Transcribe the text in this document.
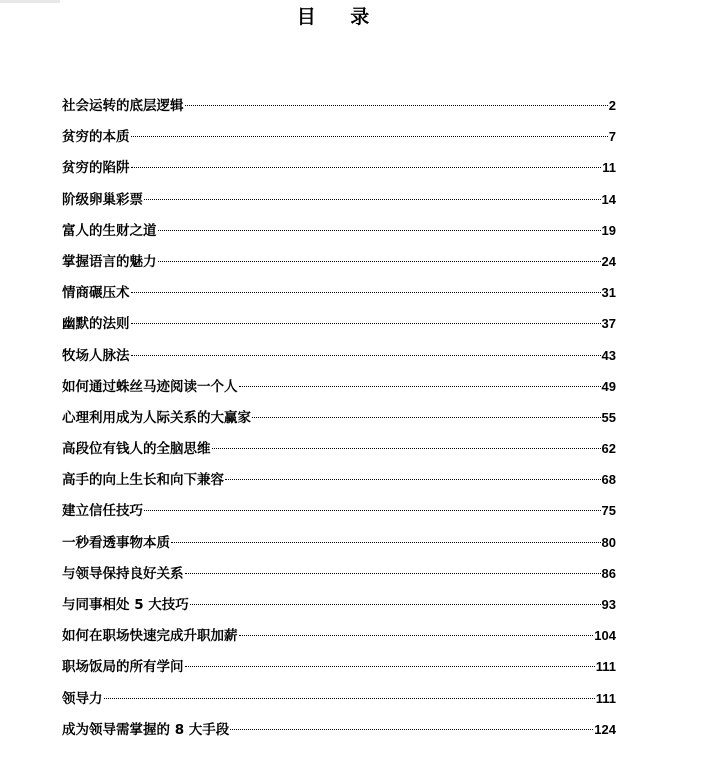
目 录
社会运转的底层逻辑	2
贫穷的本质	7
贫穷的陷阱	11
阶级卵巢彩票	14
富人的生财之道	19
掌握语言的魅力	24
情商碾压术	31
幽默的法则	37
牧场人脉法	43
如何通过蛛丝马迹阅读一个人	49
心理利用成为人际关系的大赢家	55
高段位有钱人的全脑思维	62
高手的向上生长和向下兼容	68
建立信任技巧	75
一秒看透事物本质	80
与领导保持良好关系	86
与同事相处 5 大技巧	93
如何在职场快速完成升职加薪	104
职场饭局的所有学问	111
领导力	111
成为领导需掌握的 8 大手段	124
